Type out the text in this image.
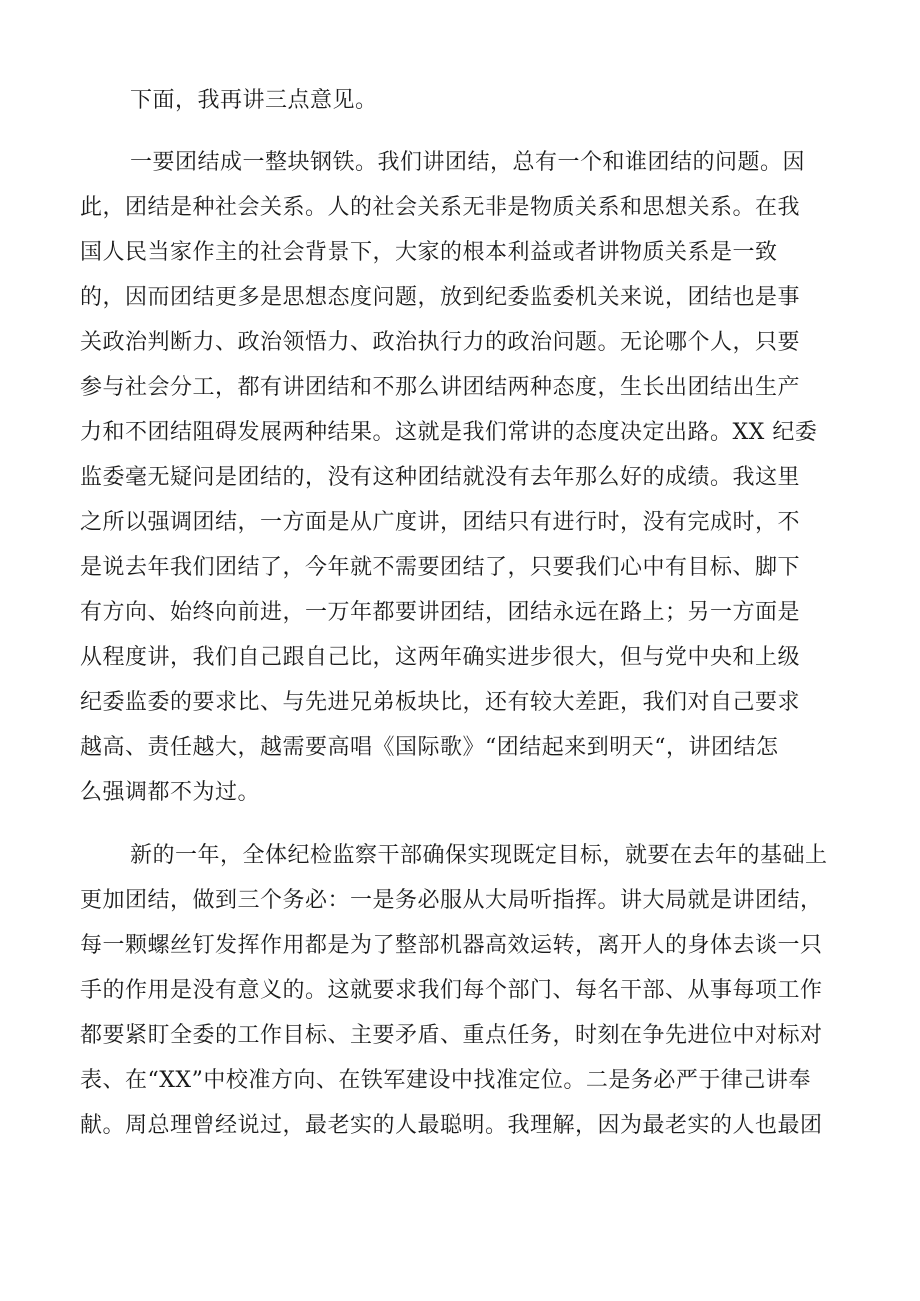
下面，我再讲三点意见。
一要团结成一整块钢铁。我们讲团结，总有一个和谁团结的问题。因
此，团结是种社会关系。人的社会关系无非是物质关系和思想关系。在我
国人民当家作主的社会背景下，大家的根本利益或者讲物质关系是一致
的，因而团结更多是思想态度问题，放到纪委监委机关来说，团结也是事
关政治判断力、政治领悟力、政治执行力的政治问题。无论哪个人，只要
参与社会分工，都有讲团结和不那么讲团结两种态度，生长出团结出生产
力和不团结阻碍发展两种结果。这就是我们常讲的态度决定出路。XX 纪委
监委毫无疑问是团结的，没有这种团结就没有去年那么好的成绩。我这里
之所以强调团结，一方面是从广度讲，团结只有进行时，没有完成时，不
是说去年我们团结了，今年就不需要团结了，只要我们心中有目标、脚下
有方向、始终向前进，一万年都要讲团结，团结永远在路上；另一方面是
从程度讲，我们自己跟自己比，这两年确实进步很大，但与党中央和上级
纪委监委的要求比、与先进兄弟板块比，还有较大差距，我们对自己要求
越高、责任越大，越需要高唱《国际歌》“团结起来到明天“，讲团结怎
么强调都不为过。
新的一年，全体纪检监察干部确保实现既定目标，就要在去年的基础上
更加团结，做到三个务必：一是务必服从大局听指挥。讲大局就是讲团结，
每一颗螺丝钉发挥作用都是为了整部机器高效运转，离开人的身体去谈一只
手的作用是没有意义的。这就要求我们每个部门、每名干部、从事每项工作
都要紧盯全委的工作目标、主要矛盾、重点任务，时刻在争先进位中对标对
表、在“XX”中校准方向、在铁军建设中找准定位。二是务必严于律己讲奉
献。周总理曾经说过，最老实的人最聪明。我理解，因为最老实的人也最团
